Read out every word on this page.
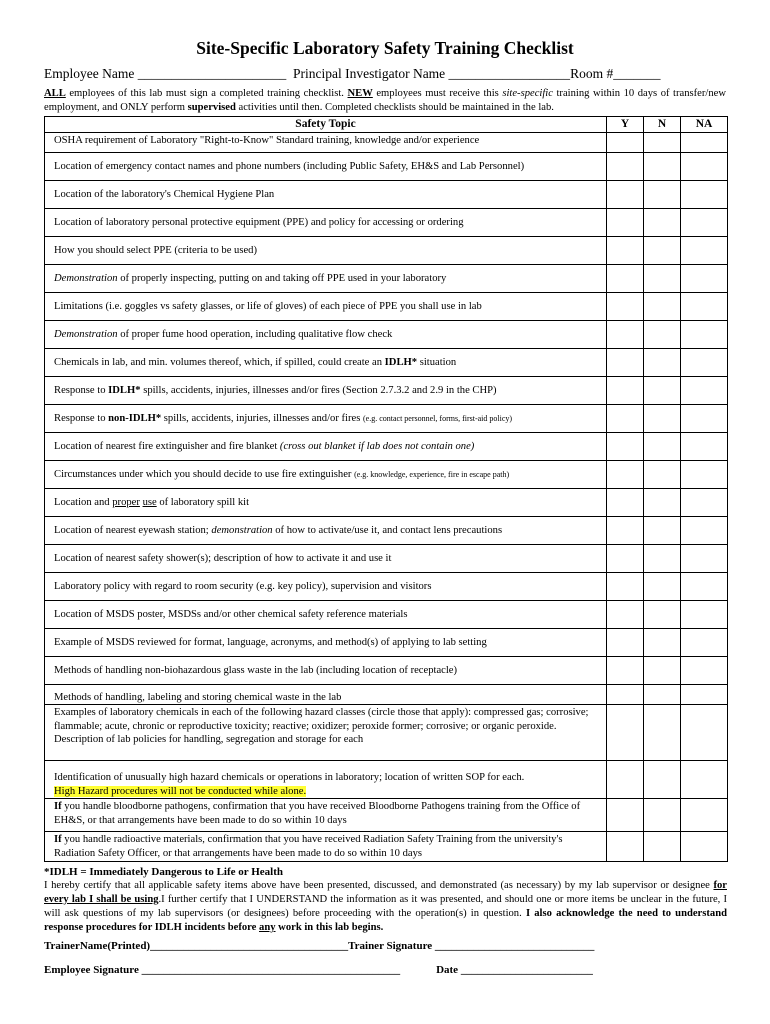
Site-Specific Laboratory Safety Training Checklist
Employee Name ______________________ Principal Investigator Name __________________Room #_______
ALL employees of this lab must sign a completed training checklist. NEW employees must receive this site-specific training within 10 days of transfer/new employment, and ONLY perform supervised activities until then. Completed checklists should be maintained in the lab.
Safety Topic	Y	N	NA
OSHA requirement of Laboratory "Right-to-Know" Standard training, knowledge and/or experience			
Location of emergency contact names and phone numbers (including Public Safety, EH&S and Lab Personnel)			
Location of the laboratory's Chemical Hygiene Plan			
Location of laboratory personal protective equipment (PPE) and policy for accessing or ordering			
How you should select PPE (criteria to be used)			
Demonstration of properly inspecting, putting on and taking off PPE used in your laboratory			
Limitations (i.e. goggles vs safety glasses, or life of gloves) of each piece of PPE you shall use in lab			
Demonstration of proper fume hood operation, including qualitative flow check			
Chemicals in lab, and min. volumes thereof, which, if spilled, could create an IDLH* situation			
Response to IDLH* spills, accidents, injuries, illnesses and/or fires (Section 2.7.3.2 and 2.9 in the CHP)			
Response to non-IDLH* spills, accidents, injuries, illnesses and/or fires (e.g. contact personnel, forms, first-aid policy)			
Location of nearest fire extinguisher and fire blanket (cross out blanket if lab does not contain one)			
Circumstances under which you should decide to use fire extinguisher (e.g. knowledge, experience, fire in escape path)			
Location and proper use of laboratory spill kit			
Location of nearest eyewash station; demonstration of how to activate/use it, and contact lens precautions			
Location of nearest safety shower(s); description of how to activate it and use it			
Laboratory policy with regard to room security (e.g. key policy), supervision and visitors			
Location of MSDS poster, MSDSs and/or other chemical safety reference materials			
Example of MSDS reviewed for format, language, acronyms, and method(s) of applying to lab setting			
Methods of handling non-biohazardous glass waste in the lab (including location of receptacle)			
Methods of handling, labeling and storing chemical waste in the lab			
Examples of laboratory chemicals in each of the following hazard classes (circle those that apply): compressed gas; corrosive; flammable; acute, chronic or reproductive toxicity; reactive; oxidizer; peroxide former; corrosive; or organic peroxide. Description of lab policies for handling, segregation and storage for each			
Identification of unusually high hazard chemicals or operations in laboratory; location of written SOP for each.
High Hazard procedures will not be conducted while alone.			
If you handle bloodborne pathogens, confirmation that you have received Bloodborne Pathogens training from the Office of EH&S, or that arrangements have been made to do so within 10 days			
If you handle radioactive materials, confirmation that you have received Radiation Safety Training from the university's Radiation Safety Officer, or that arrangements have been made to do so within 10 days			
*IDLH = Immediately Dangerous to Life or Health

I hereby certify that all applicable safety items above have been presented, discussed, and demonstrated (as necessary) by my lab supervisor or designee for every lab I shall be using.I further certify that I UNDERSTAND the information as it was presented, and should one or more items be unclear in the future, I will ask questions of my lab supervisors (or designees) before proceeding with the operation(s) in question. I also acknowledge the need to understand response procedures for IDLH incidents before any work in this lab begins.

TrainerName(Printed)____________________________________Trainer Signature _____________________________
Employee Signature _______________________________________________	Date ________________________
